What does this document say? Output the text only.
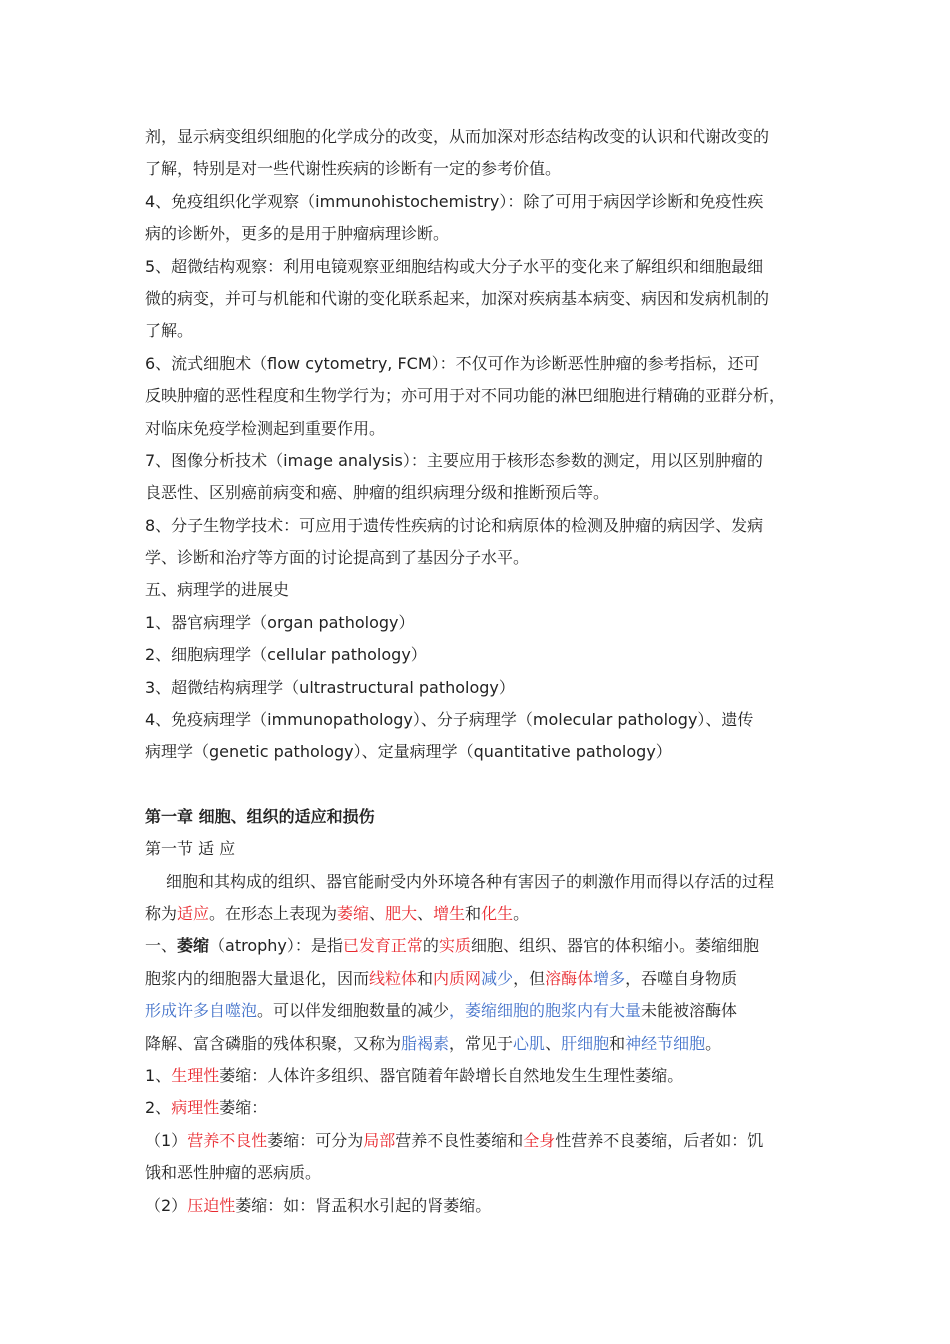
剂，显示病变组织细胞的化学成分的改变，从而加深对形态结构改变的认识和代谢改变的
了解，特别是对一些代谢性疾病的诊断有一定的参考价值。
4、免疫组织化学观察（immunohistochemistry）：除了可用于病因学诊断和免疫性疾
病的诊断外，更多的是用于肿瘤病理诊断。
5、超微结构观察：利用电镜观察亚细胞结构或大分子水平的变化来了解组织和细胞最细
微的病变，并可与机能和代谢的变化联系起来，加深对疾病基本病变、病因和发病机制的
了解。
6、流式细胞术（flow cytometry, FCM）：不仅可作为诊断恶性肿瘤的参考指标，还可
反映肿瘤的恶性程度和生物学行为；亦可用于对不同功能的淋巴细胞进行精确的亚群分析，
对临床免疫学检测起到重要作用。
7、图像分析技术（image analysis）：主要应用于核形态参数的测定，用以区别肿瘤的
良恶性、区别癌前病变和癌、肿瘤的组织病理分级和推断预后等。
8、分子生物学技术：可应用于遗传性疾病的讨论和病原体的检测及肿瘤的病因学、发病
学、诊断和治疗等方面的讨论提高到了基因分子水平。
五、病理学的进展史
1、器官病理学（organ pathology）
2、细胞病理学（cellular pathology）
3、超微结构病理学（ultrastructural pathology）
4、免疫病理学（immunopathology）、分子病理学（molecular pathology）、遗传
病理学（genetic pathology）、定量病理学（quantitative pathology）
第一章 细胞、组织的适应和损伤
第一节 适 应
细胞和其构成的组织、器官能耐受内外环境各种有害因子的刺激作用而得以存活的过程
称为适应。在形态上表现为萎缩、肥大、增生和化生。
一、萎缩（atrophy）：是指已发育正常的实质细胞、组织、器官的体积缩小。萎缩细胞
胞浆内的细胞器大量退化，因而线粒体和内质网减少，但溶酶体增多，吞噬自身物质
形成许多自噬泡。可以伴发细胞数量的减少，萎缩细胞的胞浆内有大量未能被溶酶体
降解、富含磷脂的残体积聚，又称为脂褐素，常见于心肌、肝细胞和神经节细胞。
1、生理性萎缩：人体许多组织、器官随着年龄增长自然地发生生理性萎缩。
2、病理性萎缩：
（1）营养不良性萎缩：可分为局部营养不良性萎缩和全身性营养不良萎缩，后者如：饥
饿和恶性肿瘤的恶病质。
（2）压迫性萎缩：如：肾盂积水引起的肾萎缩。
